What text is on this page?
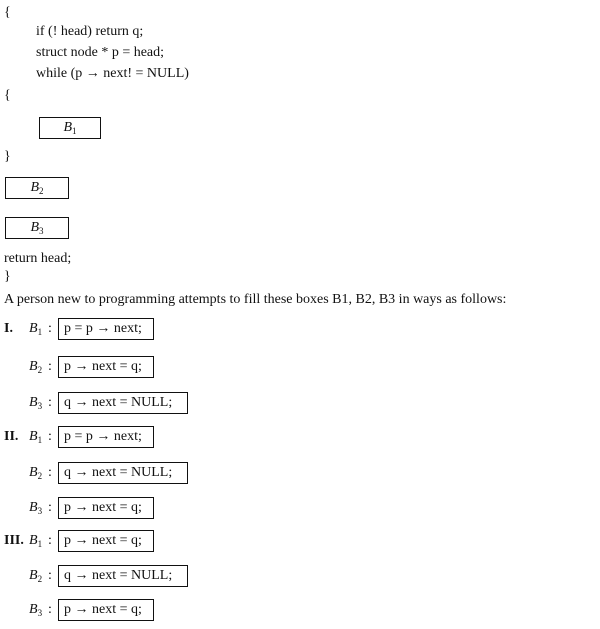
{
if (! head) return q;
struct node * p = head;
while (p → next! = NULL)
{
$B_1$
}
$B_2$
$B_3$
return head;
}
A person new to programming attempts to fill these boxes B1, B2, B3 in ways as follows:
I. $B_1$ : p = p → next;
$B_2$ : p → next = q;
$B_3$ : q → next = NULL;
II. $B_1$ : p = p → next;
$B_2$ : q → next = NULL;
$B_3$ : p → next = q;
III. $B_1$ : p → next = q;
$B_2$ : q → next = NULL;
$B_3$ : p → next = q;
